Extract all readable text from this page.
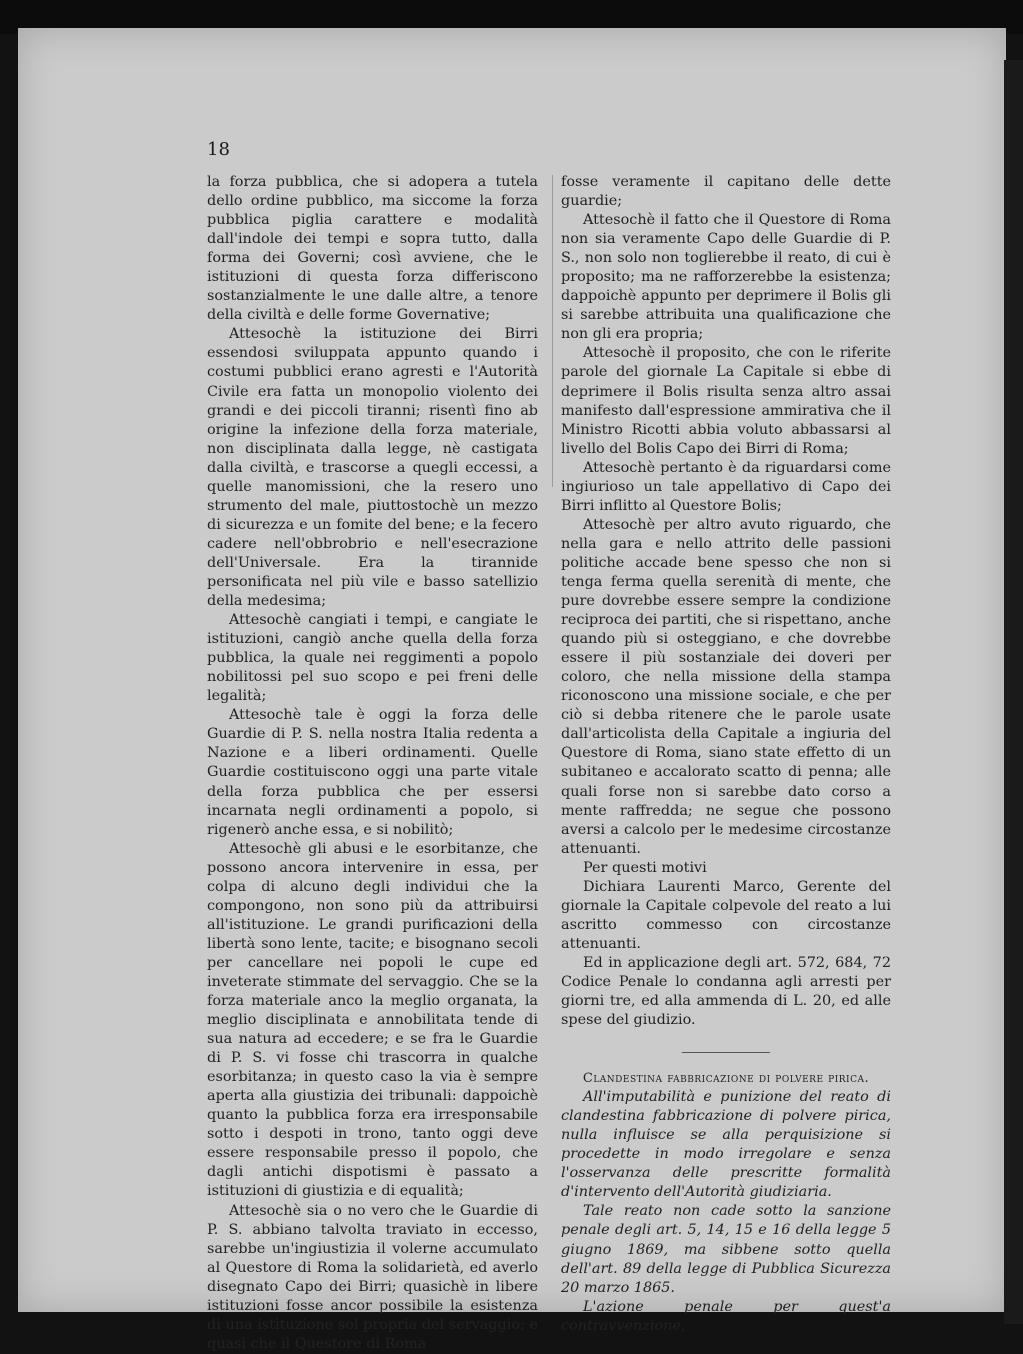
18

la forza pubblica, che si adopera a tutela dello ordine pubblico, ma siccome la forza pubblica piglia carattere e modalità dall'indole dei tempi e sopra tutto, dalla forma dei Governi; così avviene, che le istituzioni di questa forza differiscono sostanzialmente le une dalle altre, a tenore della civiltà e delle forme Governative;

Attesochè la istituzione dei Birri essendosi sviluppata appunto quando i costumi pubblici erano agresti e l'Autorità Civile era fatta un monopolio violento dei grandi e dei piccoli tiranni; risentì fino ab origine la infezione della forza materiale, non disciplinata dalla legge, nè castigata dalla civiltà, e trascorse a quegli eccessi, a quelle manomissioni, che la resero uno strumento del male, piuttostochè un mezzo di sicurezza e un fomite del bene; e la fecero cadere nell'obbrobrio e nell'esecrazione dell'Universale. Era la tirannide personificata nel più vile e basso satellizio della medesima;

Attesochè cangiati i tempi, e cangiate le istituzioni, cangiò anche quella della forza pubblica, la quale nei reggimenti a popolo nobilitossi pel suo scopo e pei freni delle legalità;

Attesochè tale è oggi la forza delle Guardie di P. S. nella nostra Italia redenta a Nazione e a liberi ordinamenti. Quelle Guardie costituiscono oggi una parte vitale della forza pubblica che per essersi incarnata negli ordinamenti a popolo, si rigenerò anche essa, e si nobilitò;

Attesochè gli abusi e le esorbitanze, che possono ancora intervenire in essa, per colpa di alcuno degli individui che la compongono, non sono più da attribuirsi all'istituzione. Le grandi purificazioni della libertà sono lente, tacite; e bisognano secoli per cancellare nei popoli le cupe ed inveterate stimmate del servaggio. Che se la forza materiale anco la meglio organata, la meglio disciplinata e annobilitata tende di sua natura ad eccedere; e se fra le Guardie di P. S. vi fosse chi trascorra in qualche esorbitanza; in questo caso la via è sempre aperta alla giustizia dei tribunali: dappoichè quanto la pubblica forza era irresponsabile sotto i despoti in trono, tanto oggi deve essere responsabile presso il popolo, che dagli antichi dispotismi è passato a istituzioni di giustizia e di equalità;

Attesochè sia o no vero che le Guardie di P. S. abbiano talvolta traviato in eccesso, sarebbe un'ingiustizia il volerne accumulato al Questore di Roma la solidarietà, ed averlo disegnato Capo dei Birri; quasichè in libere istituzioni fosse ancor possibile la esistenza di una istituzione sol propria del servaggio; e quasi che il Questore di Roma

fosse veramente il capitano delle dette guardie;

Attesochè il fatto che il Questore di Roma non sia veramente Capo delle Guardie di P. S., non solo non toglierebbe il reato, di cui è proposito; ma ne rafforzerebbe la esistenza; dappoichè appunto per deprimere il Bolis gli si sarebbe attribuita una qualificazione che non gli era propria;

Attesochè il proposito, che con le riferite parole del giornale La Capitale si ebbe di deprimere il Bolis risulta senza altro assai manifesto dall'espressione ammirativa che il Ministro Ricotti abbia voluto abbassarsi al livello del Bolis Capo dei Birri di Roma;

Attesochè pertanto è da riguardarsi come ingiurioso un tale appellativo di Capo dei Birri inflitto al Questore Bolis;

Attesochè per altro avuto riguardo, che nella gara e nello attrito delle passioni politiche accade bene spesso che non si tenga ferma quella serenità di mente, che pure dovrebbe essere sempre la condizione reciproca dei partiti, che si rispettano, anche quando più si osteggiano, e che dovrebbe essere il più sostanziale dei doveri per coloro, che nella missione della stampa riconoscono una missione sociale, e che per ciò si debba ritenere che le parole usate dall'articolista della Capitale a ingiuria del Questore di Roma, siano state effetto di un subitaneo e accalorato scatto di penna; alle quali forse non si sarebbe dato corso a mente raffredda; ne segue che possono aversi a calcolo per le medesime circostanze attenuanti.

Per questi motivi

Dichiara Laurenti Marco, Gerente del giornale la Capitale colpevole del reato a lui ascritto commesso con circostanze attenuanti.

Ed in applicazione degli art. 572, 684, 72 Codice Penale lo condanna agli arresti per giorni tre, ed alla ammenda di L. 20, ed alle spese del giudizio.

Clandestina fabbricazione di polvere pirica.

All'imputabilità e punizione del reato di clandestina fabbricazione di polvere pirica, nulla influisce se alla perquisizione si procedette in modo irregolare e senza l'osservanza delle prescritte formalità d'intervento dell'Autorità giudiziaria.

Tale reato non cade sotto la sanzione penale degli art. 5, 14, 15 e 16 della legge 5 giugno 1869, ma sibbene sotto quella dell'art. 89 della legge di Pubblica Sicurezza 20 marzo 1865.

L'azione penale per quest'a contravvenzione,
